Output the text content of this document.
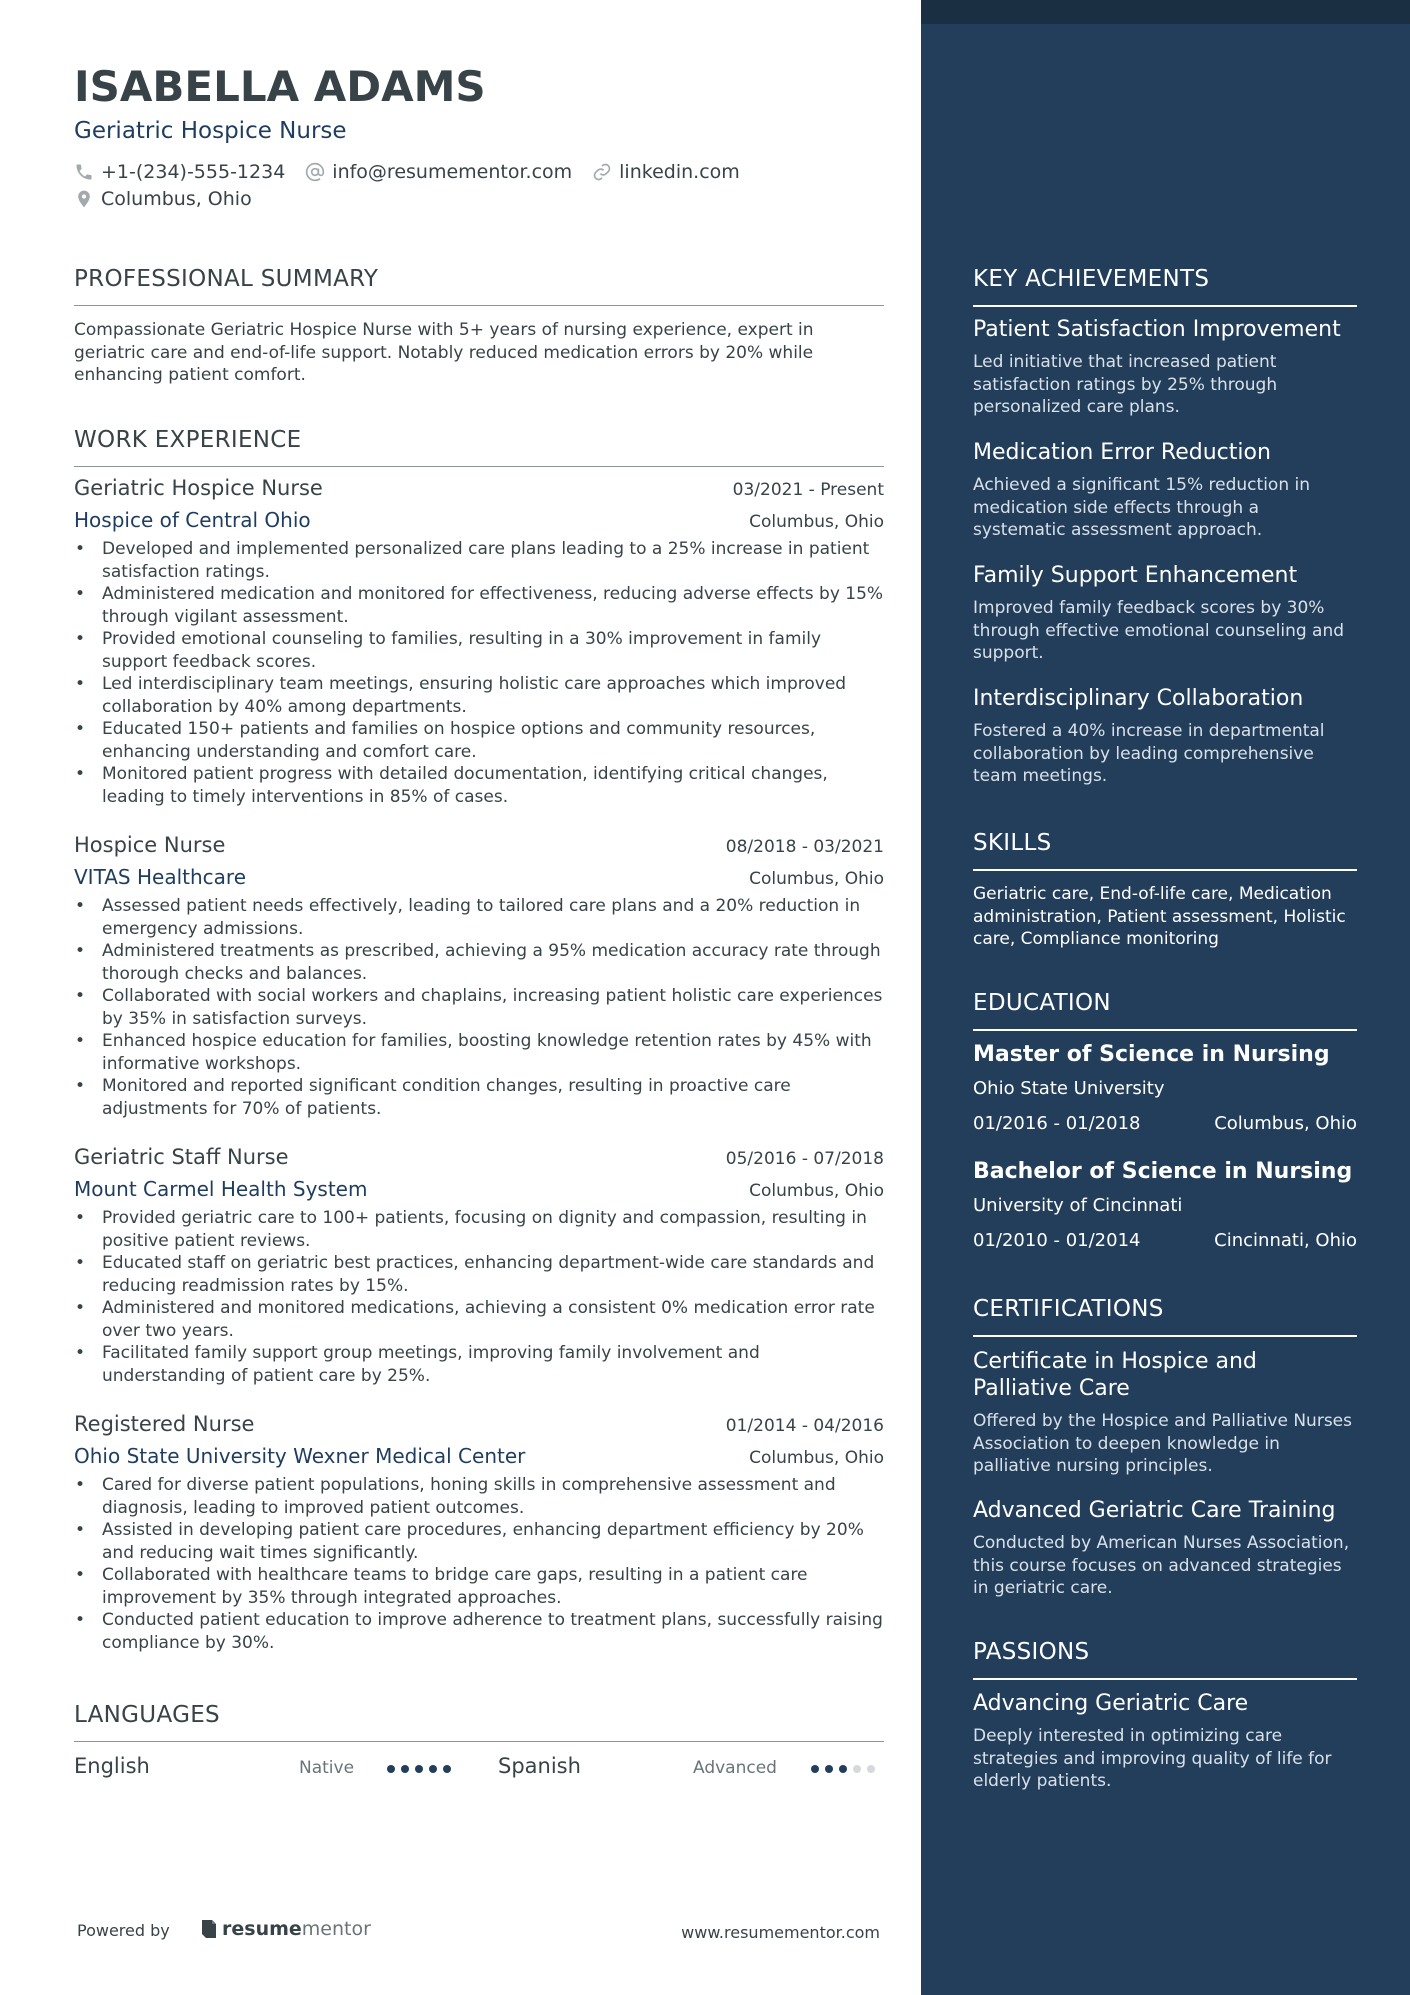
ISABELLA ADAMS
Geriatric Hospice Nurse
+1-(234)-555-1234 info@resumementor.com linkedin.com
Columbus, Ohio
PROFESSIONAL SUMMARY
Compassionate Geriatric Hospice Nurse with 5+ years of nursing experience, expert in geriatric care and end-of-life support. Notably reduced medication errors by 20% while enhancing patient comfort.
WORK EXPERIENCE
Geriatric Hospice Nurse	03/2021 - Present
Hospice of Central Ohio	Columbus, Ohio
• Developed and implemented personalized care plans leading to a 25% increase in patient satisfaction ratings.
• Administered medication and monitored for effectiveness, reducing adverse effects by 15% through vigilant assessment.
• Provided emotional counseling to families, resulting in a 30% improvement in family support feedback scores.
• Led interdisciplinary team meetings, ensuring holistic care approaches which improved collaboration by 40% among departments.
• Educated 150+ patients and families on hospice options and community resources, enhancing understanding and comfort care.
• Monitored patient progress with detailed documentation, identifying critical changes, leading to timely interventions in 85% of cases.
Hospice Nurse	08/2018 - 03/2021
VITAS Healthcare	Columbus, Ohio
• Assessed patient needs effectively, leading to tailored care plans and a 20% reduction in emergency admissions.
• Administered treatments as prescribed, achieving a 95% medication accuracy rate through thorough checks and balances.
• Collaborated with social workers and chaplains, increasing patient holistic care experiences by 35% in satisfaction surveys.
• Enhanced hospice education for families, boosting knowledge retention rates by 45% with informative workshops.
• Monitored and reported significant condition changes, resulting in proactive care adjustments for 70% of patients.
Geriatric Staff Nurse	05/2016 - 07/2018
Mount Carmel Health System	Columbus, Ohio
• Provided geriatric care to 100+ patients, focusing on dignity and compassion, resulting in positive patient reviews.
• Educated staff on geriatric best practices, enhancing department-wide care standards and reducing readmission rates by 15%.
• Administered and monitored medications, achieving a consistent 0% medication error rate over two years.
• Facilitated family support group meetings, improving family involvement and understanding of patient care by 25%.
Registered Nurse	01/2014 - 04/2016
Ohio State University Wexner Medical Center	Columbus, Ohio
• Cared for diverse patient populations, honing skills in comprehensive assessment and diagnosis, leading to improved patient outcomes.
• Assisted in developing patient care procedures, enhancing department efficiency by 20% and reducing wait times significantly.
• Collaborated with healthcare teams to bridge care gaps, resulting in a patient care improvement by 35% through integrated approaches.
• Conducted patient education to improve adherence to treatment plans, successfully raising compliance by 30%.
LANGUAGES
English	Native	Spanish	Advanced
Powered by	resume mentor	www.resumementor.com
KEY ACHIEVEMENTS
Patient Satisfaction Improvement
Led initiative that increased patient satisfaction ratings by 25% through personalized care plans.
Medication Error Reduction
Achieved a significant 15% reduction in medication side effects through a systematic assessment approach.
Family Support Enhancement
Improved family feedback scores by 30% through effective emotional counseling and support.
Interdisciplinary Collaboration
Fostered a 40% increase in departmental collaboration by leading comprehensive team meetings.
SKILLS
Geriatric care, End-of-life care, Medication administration, Patient assessment, Holistic care, Compliance monitoring
EDUCATION
Master of Science in Nursing
Ohio State University
01/2016 - 01/2018	Columbus, Ohio
Bachelor of Science in Nursing
University of Cincinnati
01/2010 - 01/2014	Cincinnati, Ohio
CERTIFICATIONS
Certificate in Hospice and Palliative Care
Offered by the Hospice and Palliative Nurses Association to deepen knowledge in palliative nursing principles.
Advanced Geriatric Care Training
Conducted by American Nurses Association, this course focuses on advanced strategies in geriatric care.
PASSIONS
Advancing Geriatric Care
Deeply interested in optimizing care strategies and improving quality of life for elderly patients.
